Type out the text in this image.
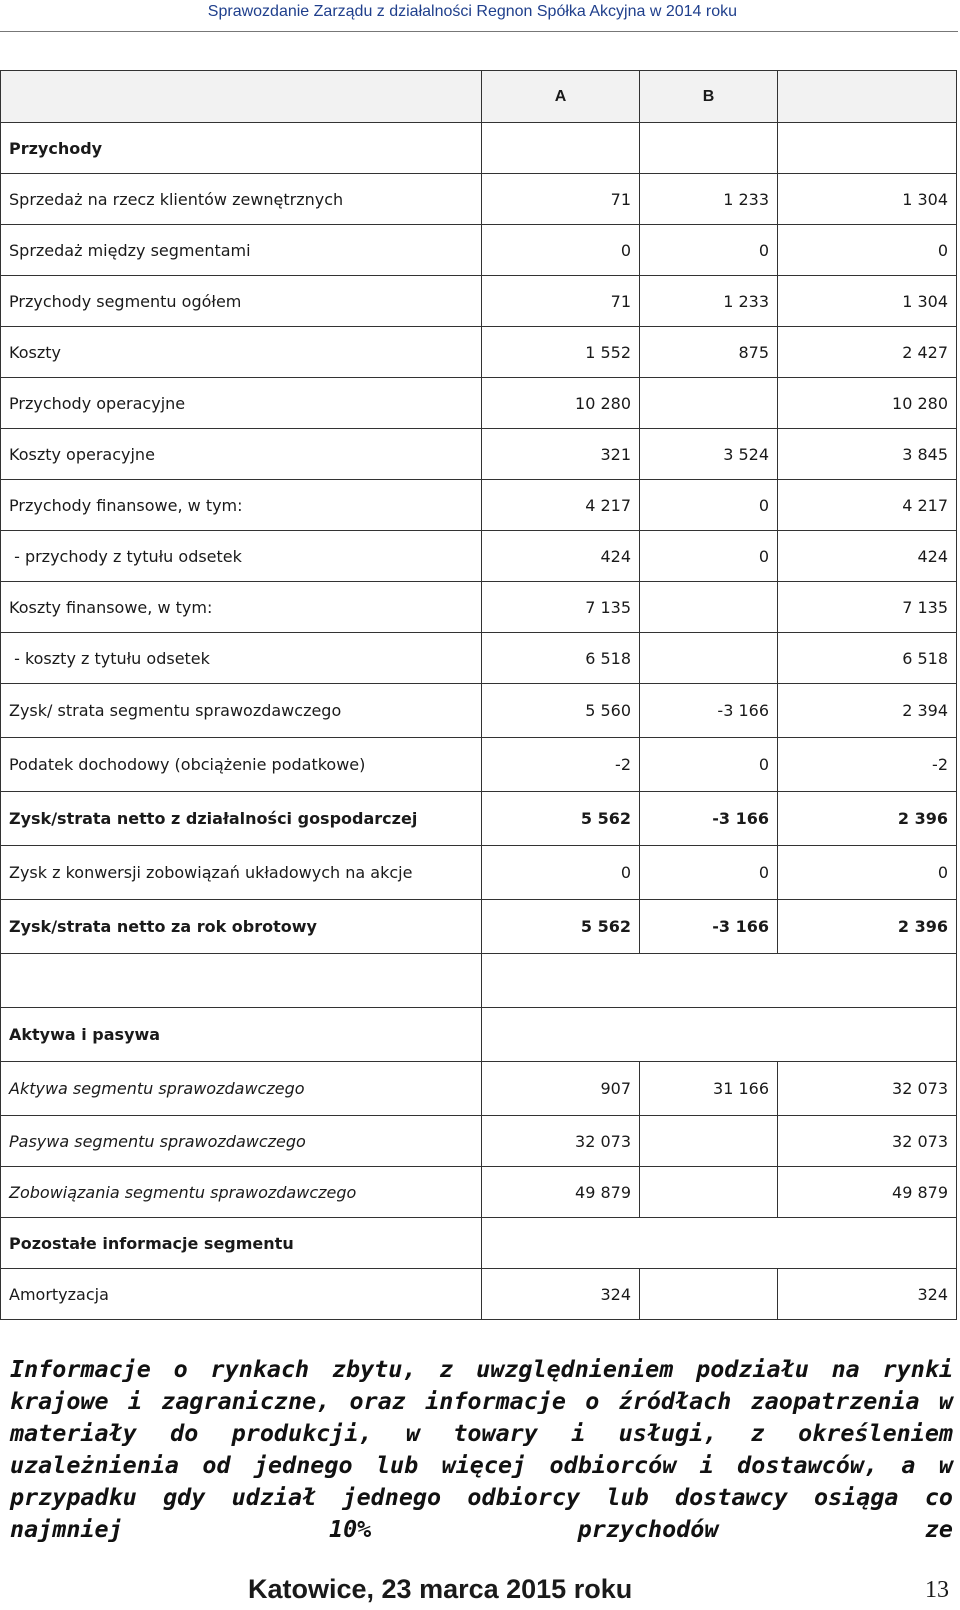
Sprawozdanie Zarządu z działalności Regnon Spółka Akcyjna w 2014 roku
	A	B	
Przychody			
Sprzedaż na rzecz klientów zewnętrznych	71	1 233	1 304
Sprzedaż między segmentami	0	0	0
Przychody segmentu ogółem	71	1 233	1 304
Koszty	1 552	875	2 427
Przychody operacyjne	10 280		10 280
Koszty operacyjne	321	3 524	3 845
Przychody finansowe, w tym:	4 217	0	4 217
- przychody z tytułu odsetek	424	0	424
Koszty finansowe, w tym:	7 135		7 135
- koszty z tytułu odsetek	6 518		6 518
Zysk/ strata segmentu sprawozdawczego	5 560	-3 166	2 394
Podatek dochodowy (obciążenie podatkowe)	-2	0	-2
Zysk/strata netto z działalności gospodarczej	5 562	-3 166	2 396
Zysk z konwersji zobowiązań układowych na akcje	0	0	0
Zysk/strata netto za rok obrotowy	5 562	-3 166	2 396

Aktywa i pasywa			
Aktywa segmentu sprawozdawczego	907	31 166	32 073
Pasywa segmentu sprawozdawczego	32 073		32 073
Zobowiązania segmentu sprawozdawczego	49 879		49 879
Pozostałe informacje segmentu			
Amortyzacja	324		324

Informacje o rynkach zbytu, z uwzględnieniem podziału na rynki krajowe i zagraniczne, oraz informacje o źródłach zaopatrzenia w materiały do produkcji, w towary i usługi, z określeniem uzależnienia od jednego lub więcej odbiorców i dostawców, a w przypadku gdy udział jednego odbiorcy lub dostawcy osiąga co najmniej 10% przychodów ze

Katowice, 23 marca 2015 roku	13
